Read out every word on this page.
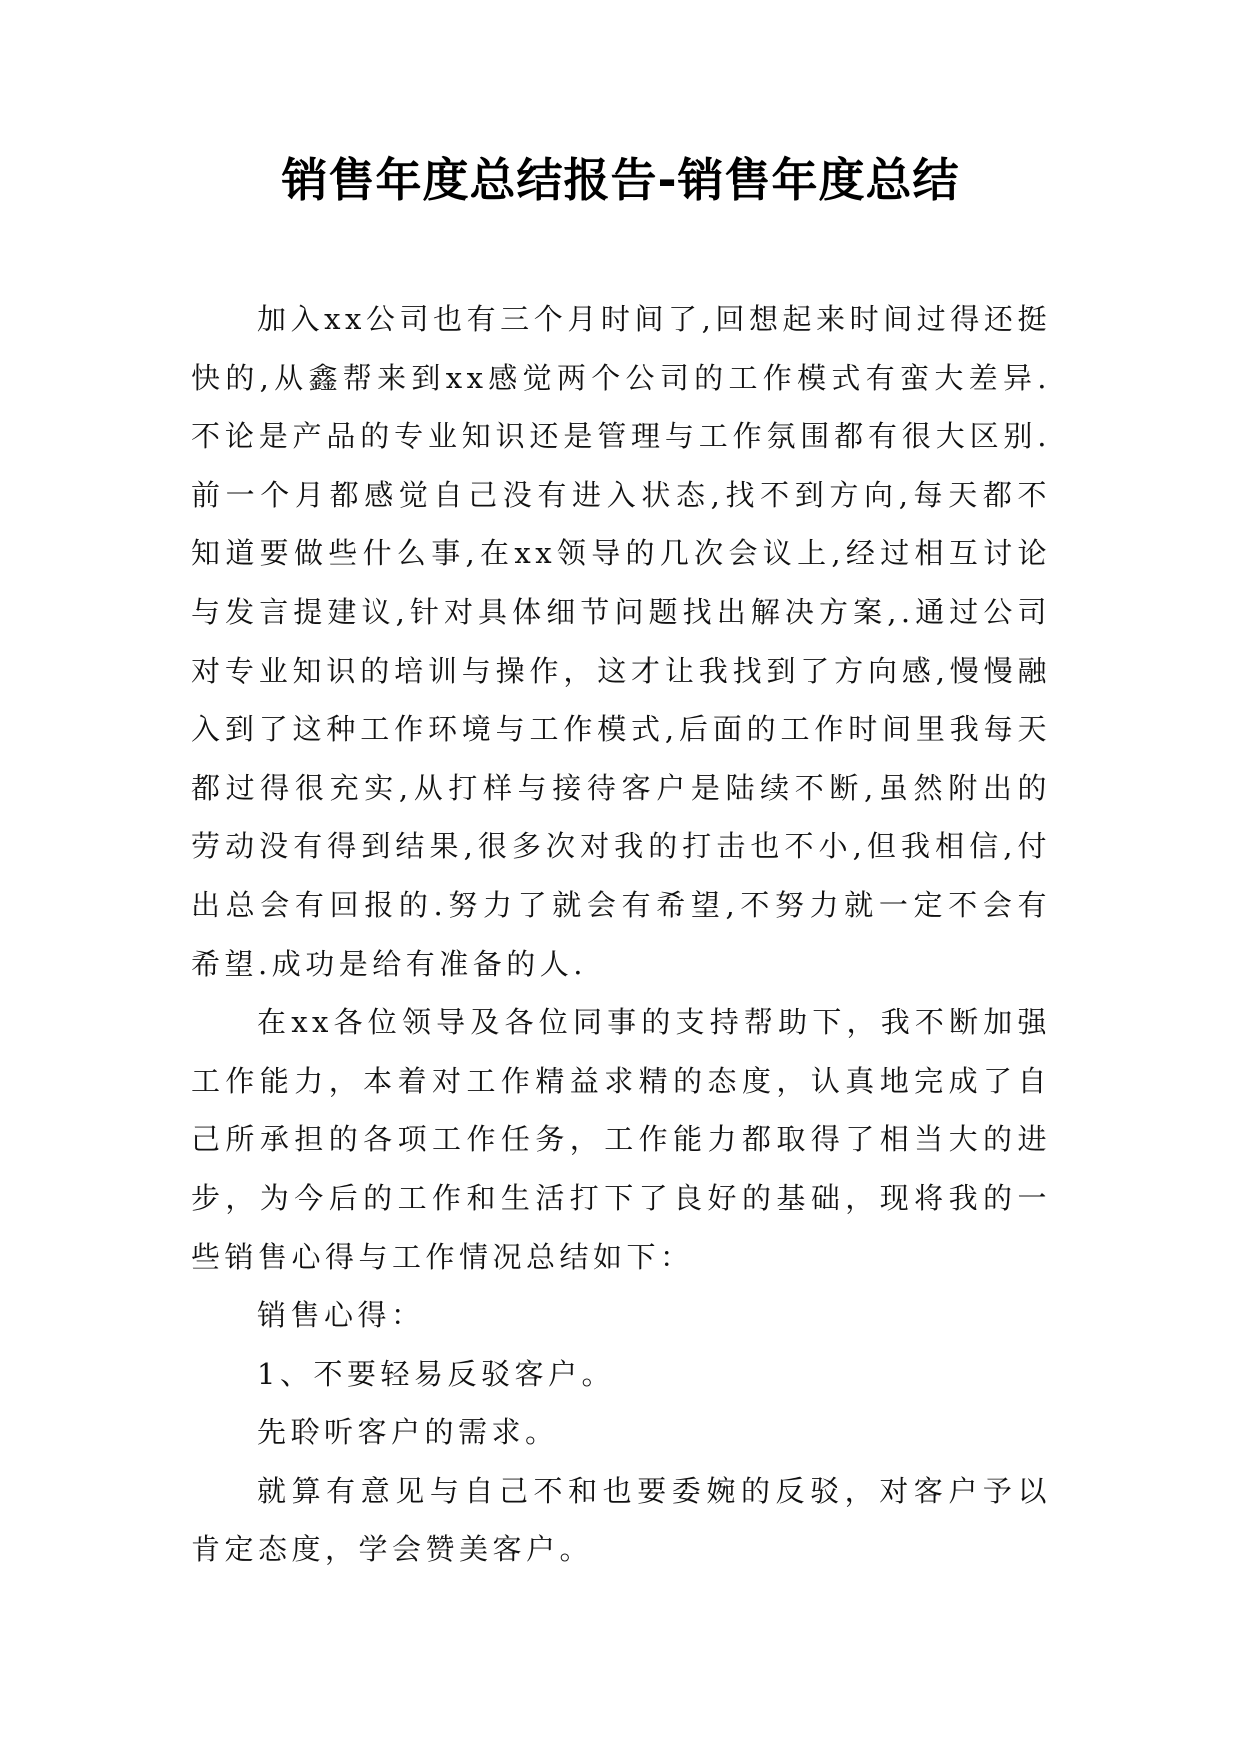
销售年度总结报告-销售年度总结

加入xx公司也有三个月时间了,回想起来时间过得还挺快的,从鑫帮来到xx感觉两个公司的工作模式有蛮大差异.不论是产品的专业知识还是管理与工作氛围都有很大区别.前一个月都感觉自己没有进入状态,找不到方向,每天都不知道要做些什么事,在xx领导的几次会议上,经过相互讨论与发言提建议,针对具体细节问题找出解决方案,.通过公司对专业知识的培训与操作，这才让我找到了方向感,慢慢融入到了这种工作环境与工作模式,后面的工作时间里我每天都过得很充实,从打样与接待客户是陆续不断,虽然附出的劳动没有得到结果,很多次对我的打击也不小,但我相信,付出总会有回报的.努力了就会有希望,不努力就一定不会有希望.成功是给有准备的人.

在xx各位领导及各位同事的支持帮助下，我不断加强工作能力，本着对工作精益求精的态度，认真地完成了自己所承担的各项工作任务，工作能力都取得了相当大的进步，为今后的工作和生活打下了良好的基础，现将我的一些销售心得与工作情况总结如下：

销售心得：

1、不要轻易反驳客户。

先聆听客户的需求。

就算有意见与自己不和也要委婉的反驳，对客户予以肯定态度，学会赞美客户。
